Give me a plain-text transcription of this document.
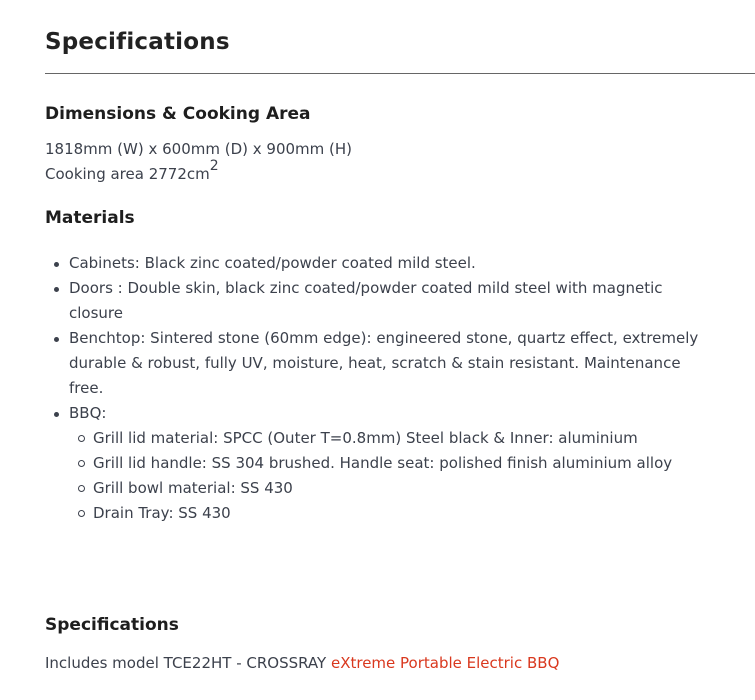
Specifications
Dimensions & Cooking Area

1818mm (W) x 600mm (D) x 900mm (H)

Cooking area $2772cm^2$

Materials
Cabinets: Black zinc coated/powder coated mild steel.
Doors : Double skin, black zinc coated/powder coated mild steel with magnetic closure
Benchtop: Sintered stone (60mm edge): engineered stone, quartz effect, extremely durable & robust, fully UV, moisture, heat, scratch & stain resistant. Maintenance free.
BBQ:
Grill lid material: SPCC (Outer T=0.8mm) Steel black & Inner: aluminium
Grill lid handle: SS 304 brushed. Handle seat: polished finish aluminium alloy
Grill bowl material: SS 430
Drain Tray: SS 430
Specifications

Includes model TCE22HT - CROSSRAY eXtreme Portable Electric BBQ
